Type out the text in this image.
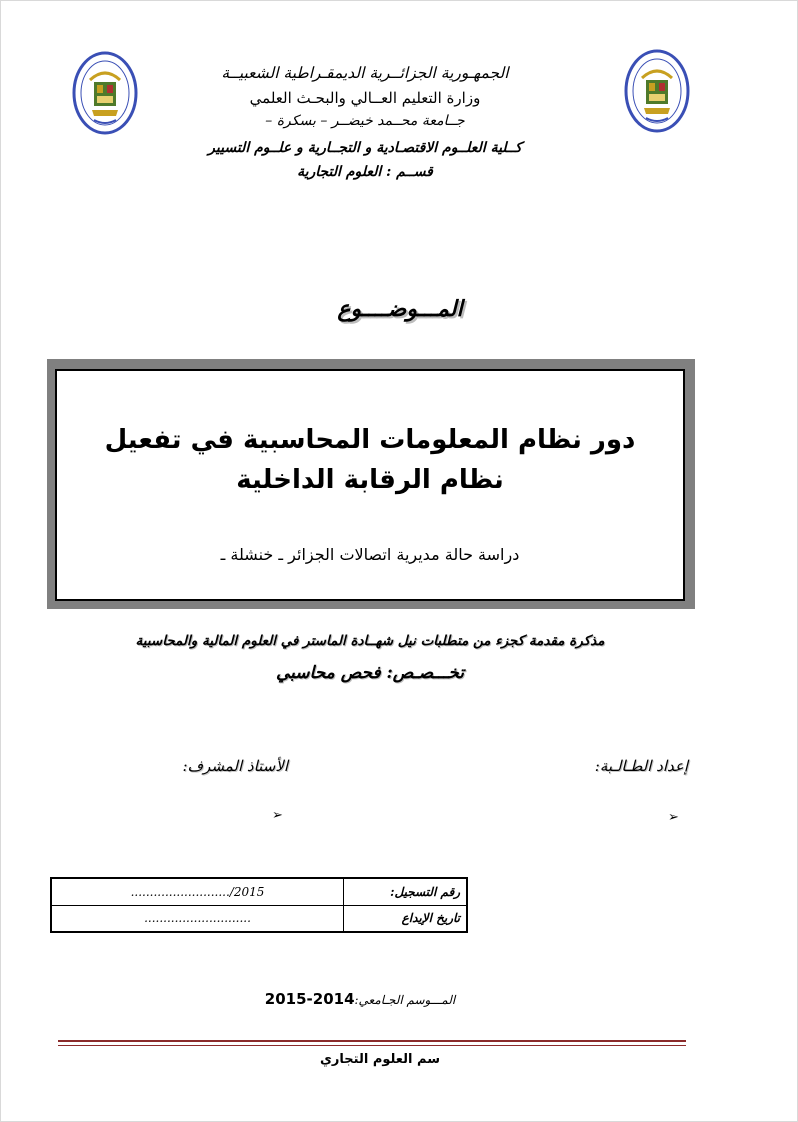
الجمهـورية الجزائــرية الديمقـراطية الشعبيــة
وزارة التعليم العــالي والبحـث العلمي
جــامعة محــمد خيضــر – بسكرة –
كــلية العلــوم الاقتصـادية و التجــارية و علــوم التسيير
قســم : العلوم التجارية
المـــوضــــوع
دور نظام المعلومات المحاسبية في تفعيل نظام الرقابة الداخلية
دراسة حالة مديرية اتصالات الجزائر ـ خنشلة ـ
مذكرة مقدمة كجزء من متطلبات نيل شهــادة الماستر في العلوم المالية والمحاسبية
تخـــصـص: فحص محاسبي
إعداد الطـالـبة:
الأستاذ المشرف:
➢
➢
........................../2015	رقم التسجيل:
............................	تاريخ الإيداع
المـــوسم الجـامعي:2014-2015
سم العلوم التجاري
